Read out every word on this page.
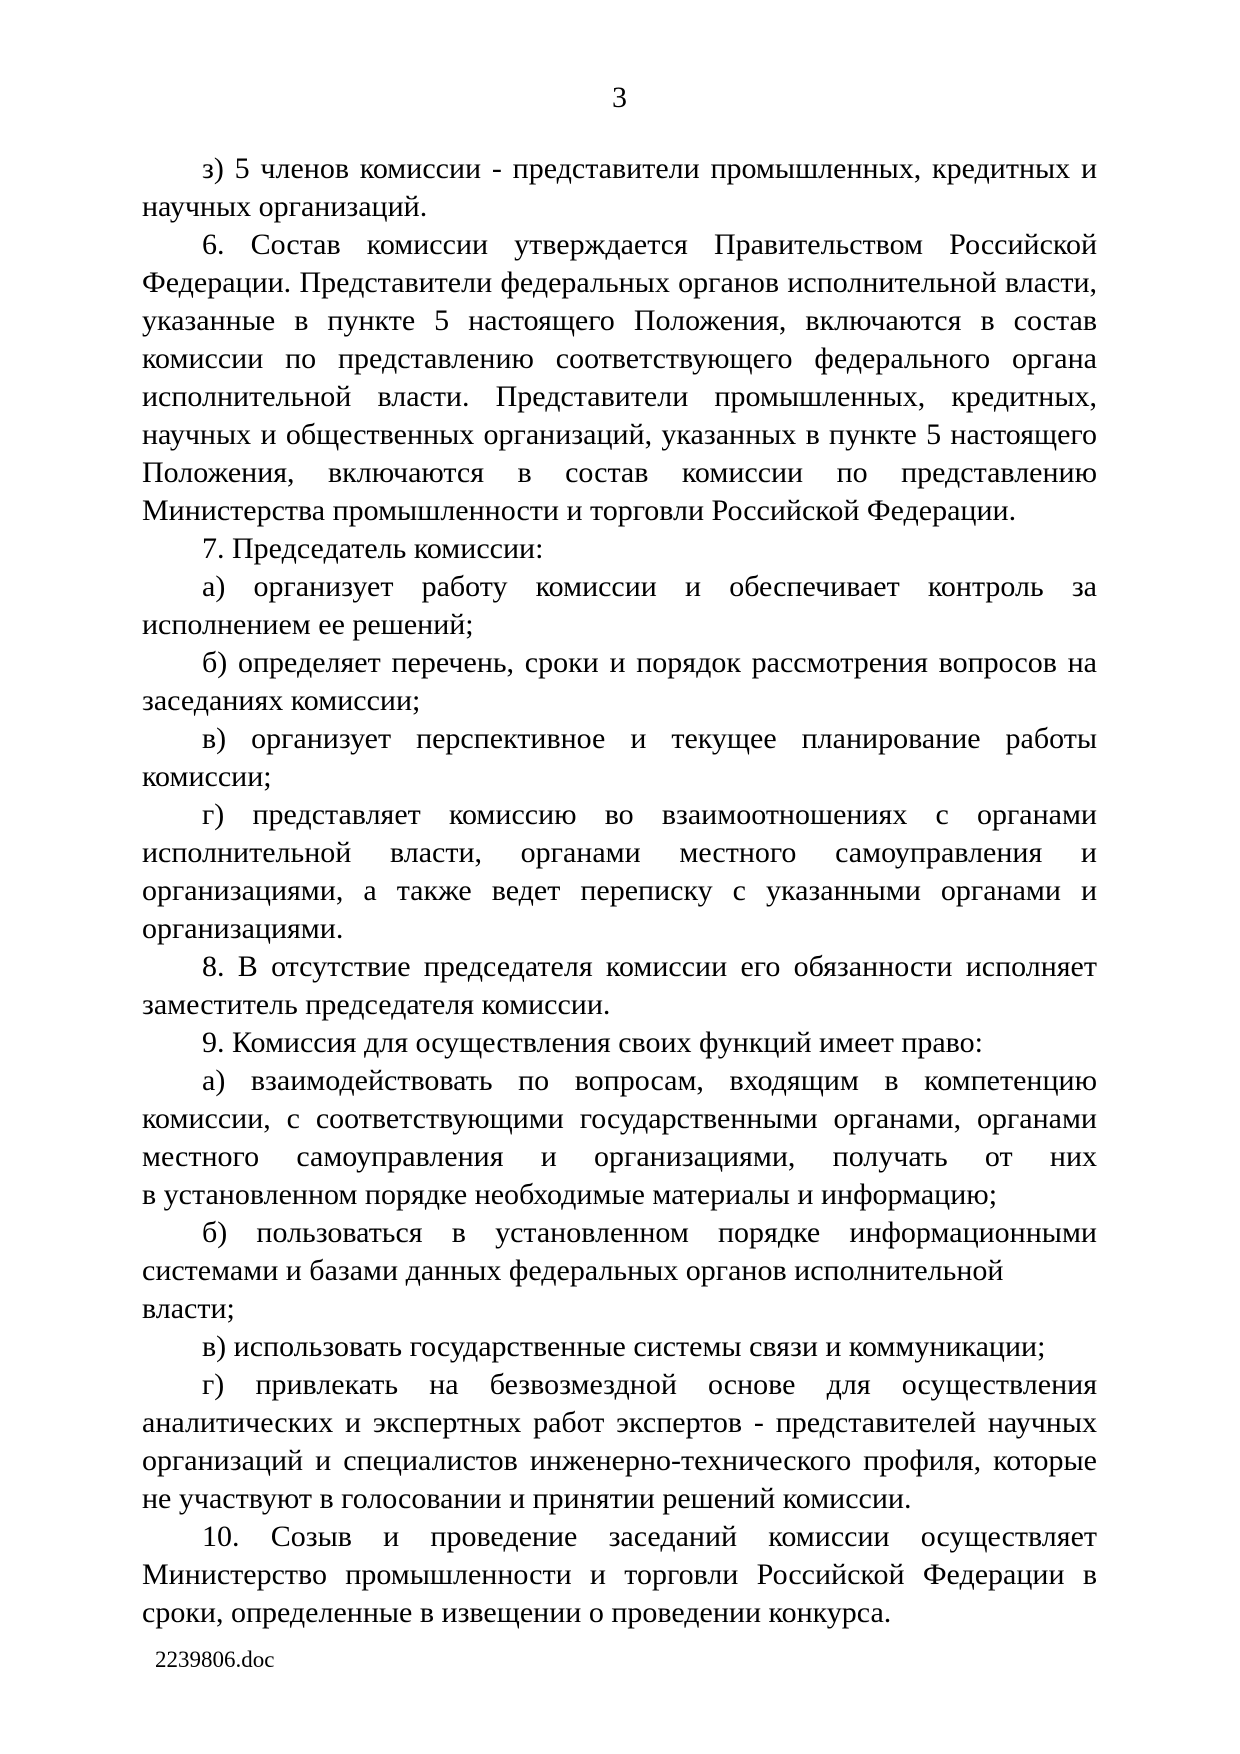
3
з) 5 членов комиссии - представители промышленных, кредитных и
научных организаций.
6. Состав комиссии утверждается Правительством Российской
Федерации. Представители федеральных органов исполнительной власти,
указанные в пункте 5 настоящего Положения, включаются в состав
комиссии по представлению соответствующего федерального органа
исполнительной власти. Представители промышленных, кредитных,
научных и общественных организаций, указанных в пункте 5 настоящего
Положения, включаются в состав комиссии по представлению
Министерства промышленности и торговли Российской Федерации.
7. Председатель комиссии:
а) организует работу комиссии и обеспечивает контроль за
исполнением ее решений;
б) определяет перечень, сроки и порядок рассмотрения вопросов на
заседаниях комиссии;
в) организует перспективное и текущее планирование работы
комиссии;
г) представляет комиссию во взаимоотношениях с органами
исполнительной власти, органами местного самоуправления и
организациями, а также ведет переписку с указанными органами и
организациями.
8. В отсутствие председателя комиссии его обязанности исполняет
заместитель председателя комиссии.
9. Комиссия для осуществления своих функций имеет право:
а) взаимодействовать по вопросам, входящим в компетенцию
комиссии, с соответствующими государственными органами, органами
местного самоуправления и организациями, получать от них
в установленном порядке необходимые материалы и информацию;
б) пользоваться в установленном порядке информационными
системами и базами данных федеральных органов исполнительной власти;
в) использовать государственные системы связи и коммуникации;
г) привлекать на безвозмездной основе для осуществления
аналитических и экспертных работ экспертов - представителей научных
организаций и специалистов инженерно-технического профиля, которые
не участвуют в голосовании и принятии решений комиссии.
10. Созыв и проведение заседаний комиссии осуществляет
Министерство промышленности и торговли Российской Федерации в
сроки, определенные в извещении о проведении конкурса.
2239806.doc
